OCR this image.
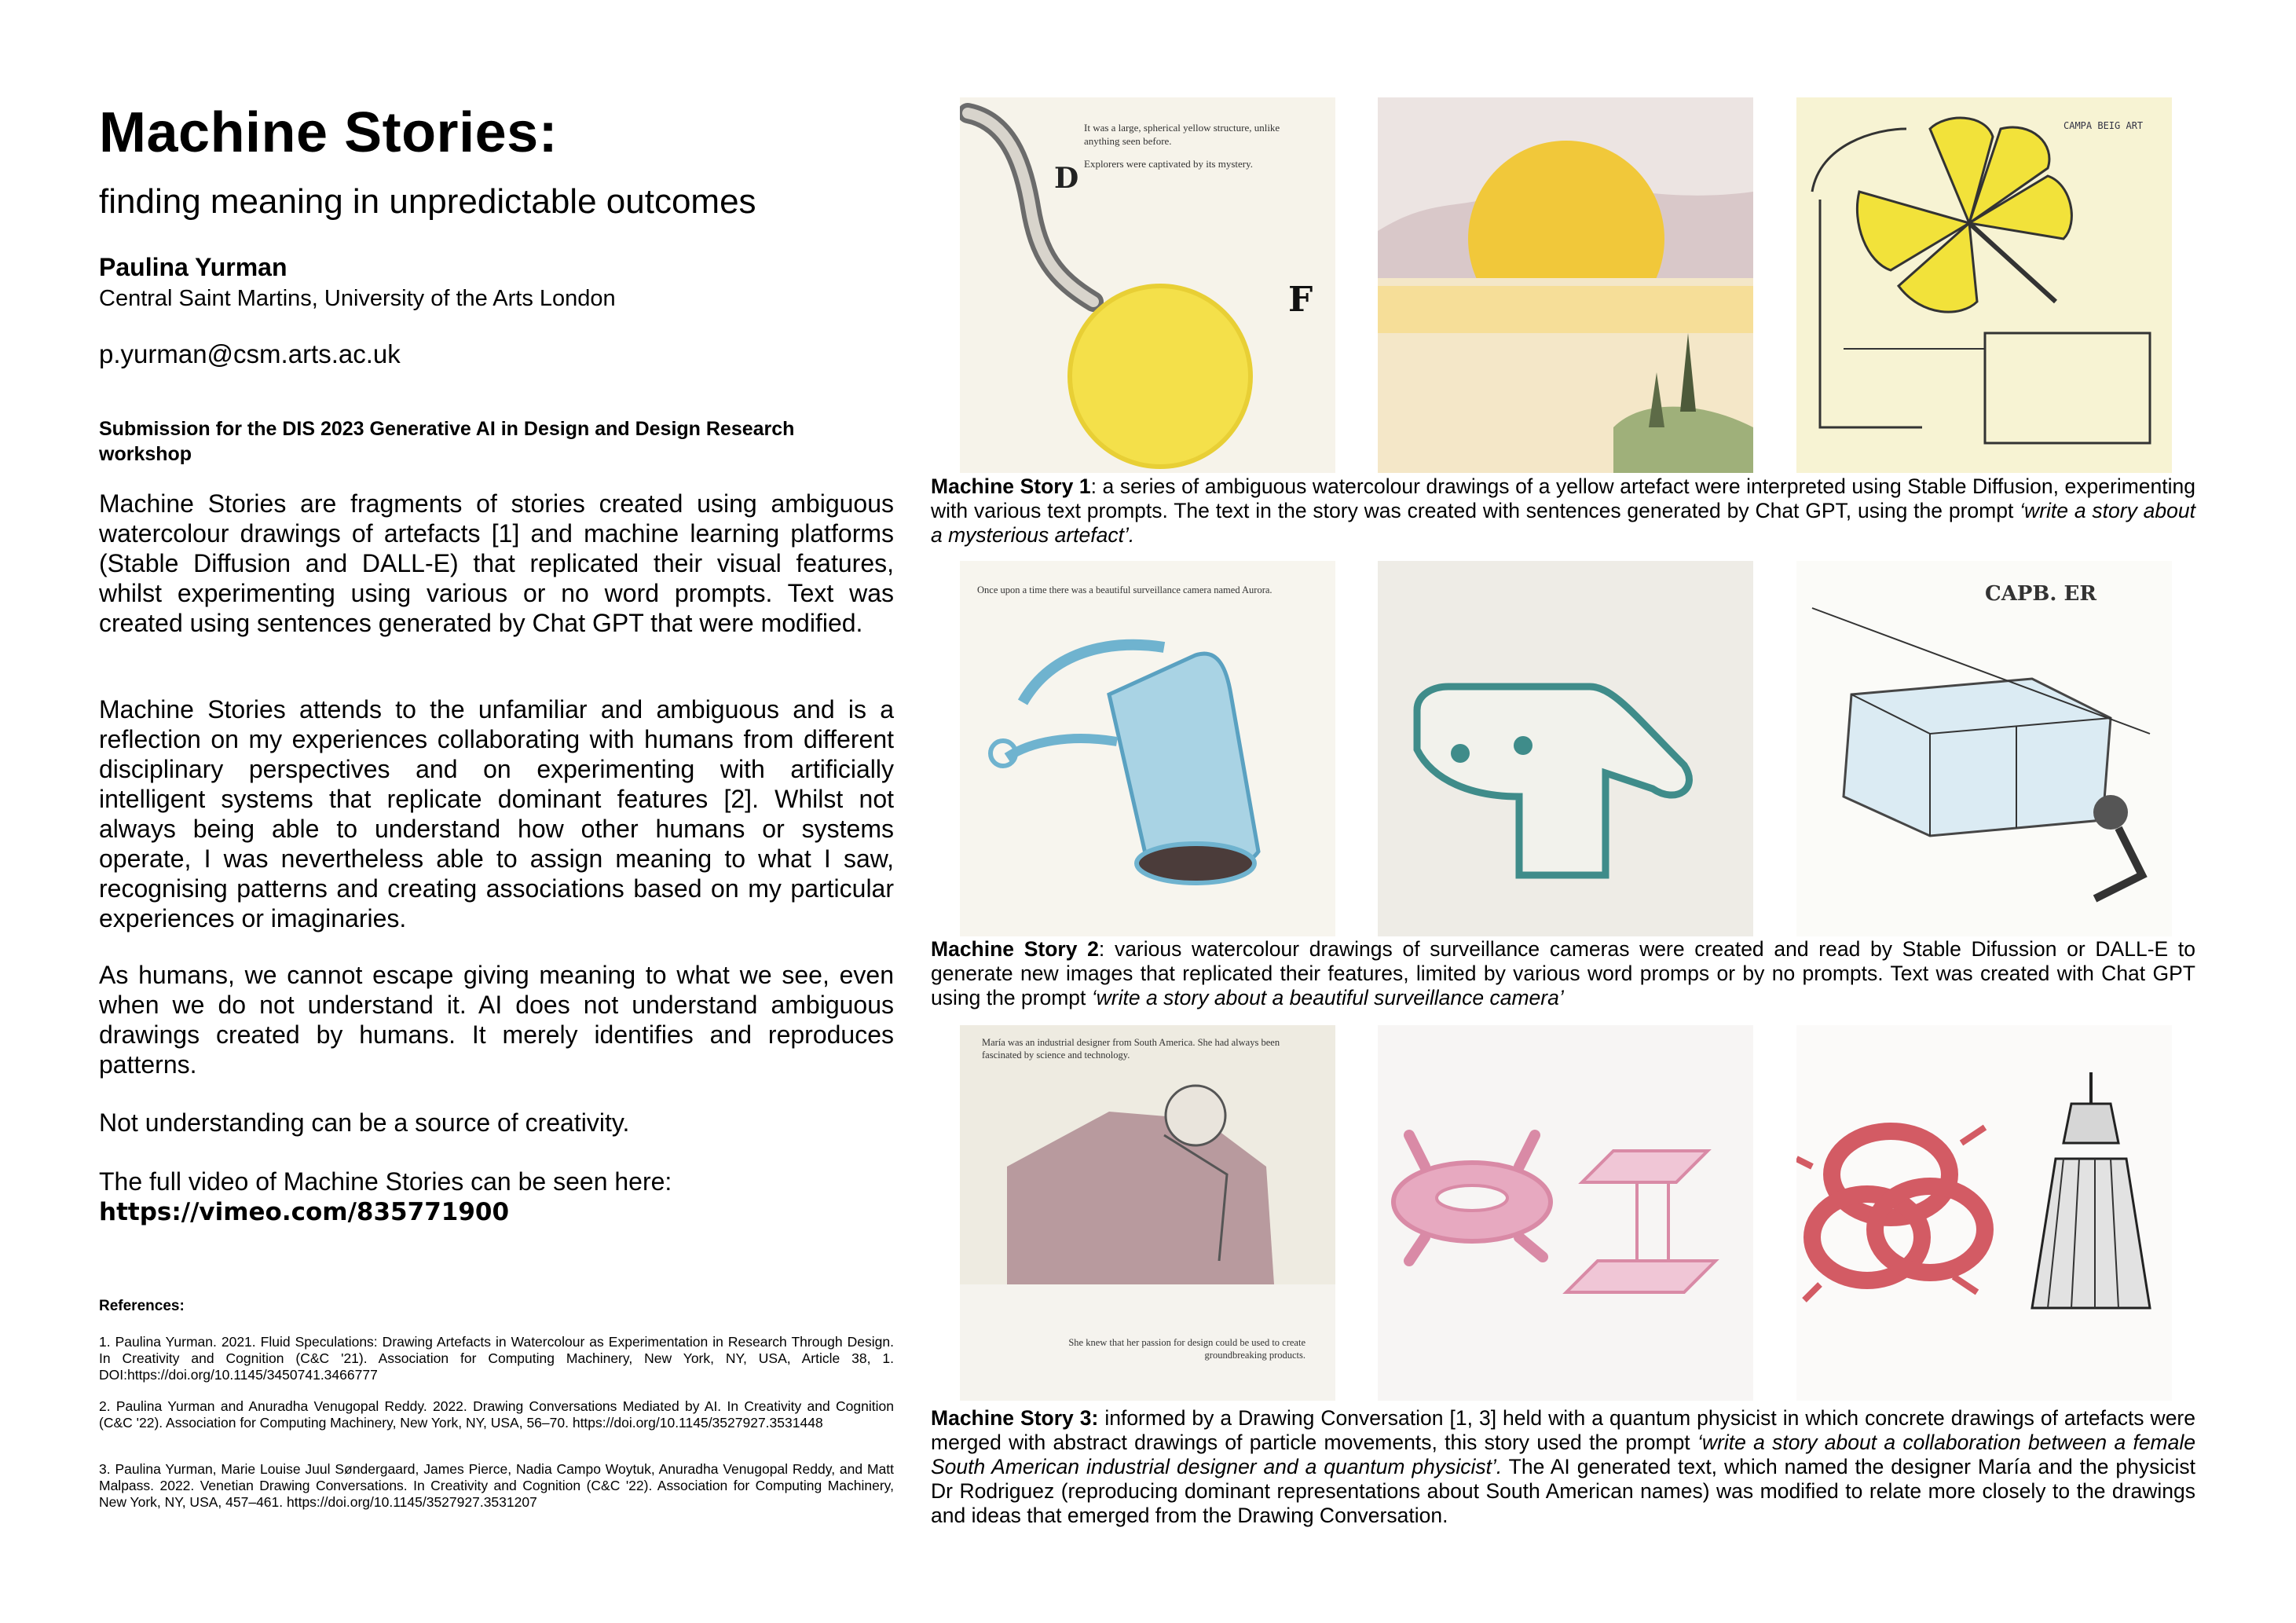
Machine Stories:
finding meaning in unpredictable outcomes
Paulina Yurman
Central Saint Martins, University of the Arts London
p.yurman@csm.arts.ac.uk
Submission for the DIS 2023 Generative AI in Design and Design Research workshop
Machine Stories are fragments of stories created using ambiguous watercolour drawings of artefacts [1] and machine learning platforms (Stable Diffusion and DALL-E) that replicated their visual features, whilst experimenting using various or no word prompts. Text was created using sentences generated by Chat GPT that were modified.
Machine Stories attends to the unfamiliar and ambiguous and is a reflection on my experiences collaborating with humans from different disciplinary perspectives and on experimenting with artificially intelligent systems that replicate dominant features [2]. Whilst not always being able to understand how other humans or systems operate, I was nevertheless able to assign meaning to what I saw, recognising patterns and creating associations based on my particular experiences or imaginaries.
As humans, we cannot escape giving meaning to what we see, even when we do not understand it. AI does not understand ambiguous drawings created by humans. It merely identifies and reproduces patterns.
Not understanding can be a source of creativity.
The full video of Machine Stories can be seen here:
https://vimeo.com/835771900
References:
1. Paulina Yurman. 2021. Fluid Speculations: Drawing Artefacts in Watercolour as Experimentation in Research Through Design. In Creativity and Cognition (C&C '21). Association for Computing Machinery, New York, NY, USA, Article 38, 1. DOI:https://doi.org/10.1145/3450741.3466777
2. Paulina Yurman and Anuradha Venugopal Reddy. 2022. Drawing Conversations Mediated by AI. In Creativity and Cognition (C&C '22). Association for Computing Machinery, New York, NY, USA, 56–70. https://doi.org/10.1145/3527927.3531448
3. Paulina Yurman, Marie Louise Juul Søndergaard, James Pierce, Nadia Campo Woytuk, Anuradha Venugopal Reddy, and Matt Malpass. 2022. Venetian Drawing Conversations. In Creativity and Cognition (C&C '22). Association for Computing Machinery, New York, NY, USA, 457–461. https://doi.org/10.1145/3527927.3531207
D
F
It was a large, spherical yellow structure, unlike anything seen before.
Explorers were captivated by its mystery.
CAMPA BEIG ART
Machine Story 1: a series of ambiguous watercolour drawings of a yellow artefact were interpreted using Stable Diffusion, experimenting with various text prompts. The text in the story was created with sentences generated by Chat GPT, using the prompt ‘write a story about a mysterious artefact’.
Once upon a time there was a beautiful surveillance camera named Aurora.	CAPB. ER
Machine Story 2: various watercolour drawings of surveillance cameras were created and read by Stable Difussion or DALL-E to generate new images that replicated their features, limited by various word promps or by no prompts. Text was created with Chat GPT using the prompt ‘write a story about a beautiful surveillance camera’
María was an industrial designer from South America. She had always been fascinated by science and technology.
She knew that her passion for design could be used to create groundbreaking products.
Machine Story 3: informed by a Drawing Conversation [1, 3] held with a quantum physicist in which concrete drawings of artefacts were merged with abstract drawings of particle movements, this story used the prompt ‘write a story about a collaboration between a female South American industrial designer and a quantum physicist’. The AI generated text, which named the designer María and the physicist Dr Rodriguez (reproducing dominant representations about South American names) was modified to relate more closely to the drawings and ideas that emerged from the Drawing Conversation.
